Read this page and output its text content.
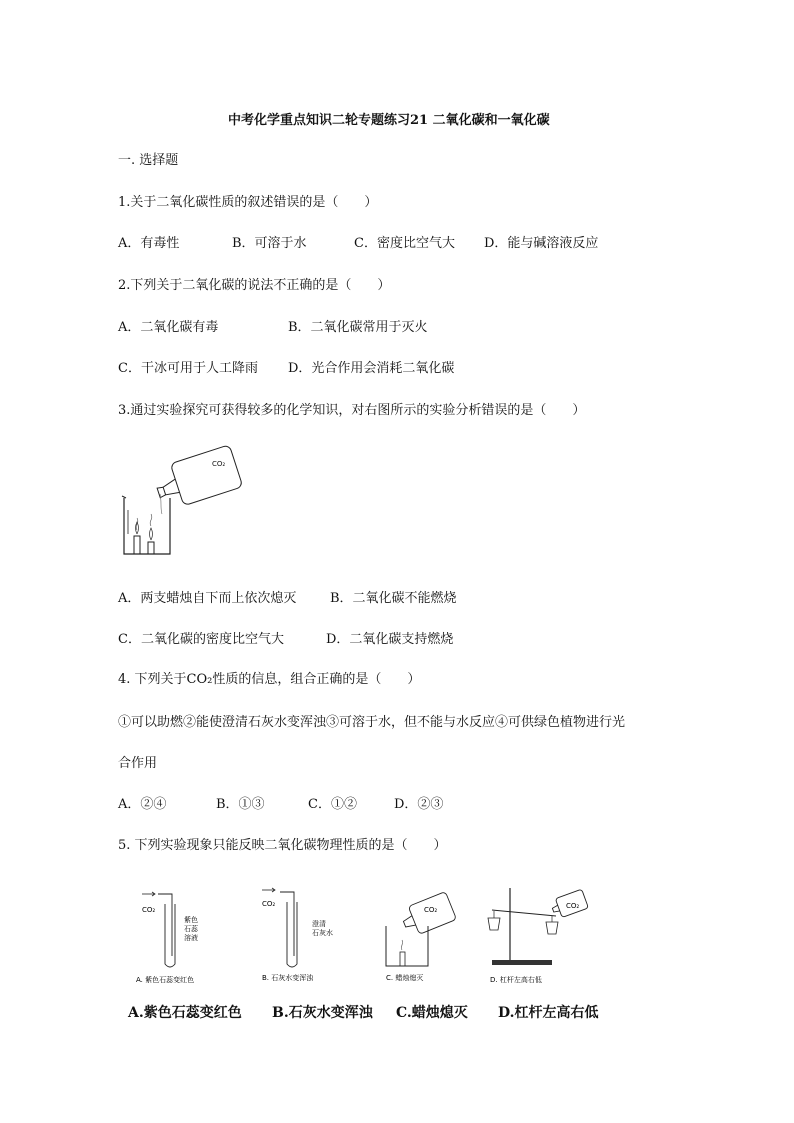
中考化学重点知识二轮专题练习21 二氧化碳和一氧化碳
一. 选择题
1.关于二氧化碳性质的叙述错误的是（　　）
A．有毒性	B．可溶于水	C．密度比空气大 D．能与碱溶液反应
2.下列关于二氧化碳的说法不正确的是（　　）
A．二氧化碳有毒	B．二氧化碳常用于灭火
C．干冰可用于人工降雨 D．光合作用会消耗二氧化碳
3.通过实验探究可获得较多的化学知识，对右图所示的实验分析错误的是（　　）
CO₂
A．两支蜡烛自下而上依次熄灭	B．二氧化碳不能燃烧
C．二氧化碳的密度比空气大	D．二氧化碳支持燃烧
4. 下列关于CO₂性质的信息，组合正确的是（　　）
①可以助燃②能使澄清石灰水变浑浊③可溶于水，但不能与水反应④可供绿色植物进行光
合作用
A．②④	B．①③	C．①②	D．②③
5. 下列实验现象只能反映二氧化碳物理性质的是（　　）
CO₂
紫色
石蕊
溶液
A. 紫色石蕊变红色
CO₂
澄清
石灰水
B. 石灰水变浑浊
CO₂
C. 蜡烛熄灭
CO₂
D. 杠杆左高右低
A.紫色石蕊变红色 B.石灰水变浑浊 C.蜡烛熄灭 D.杠杆左高右低
